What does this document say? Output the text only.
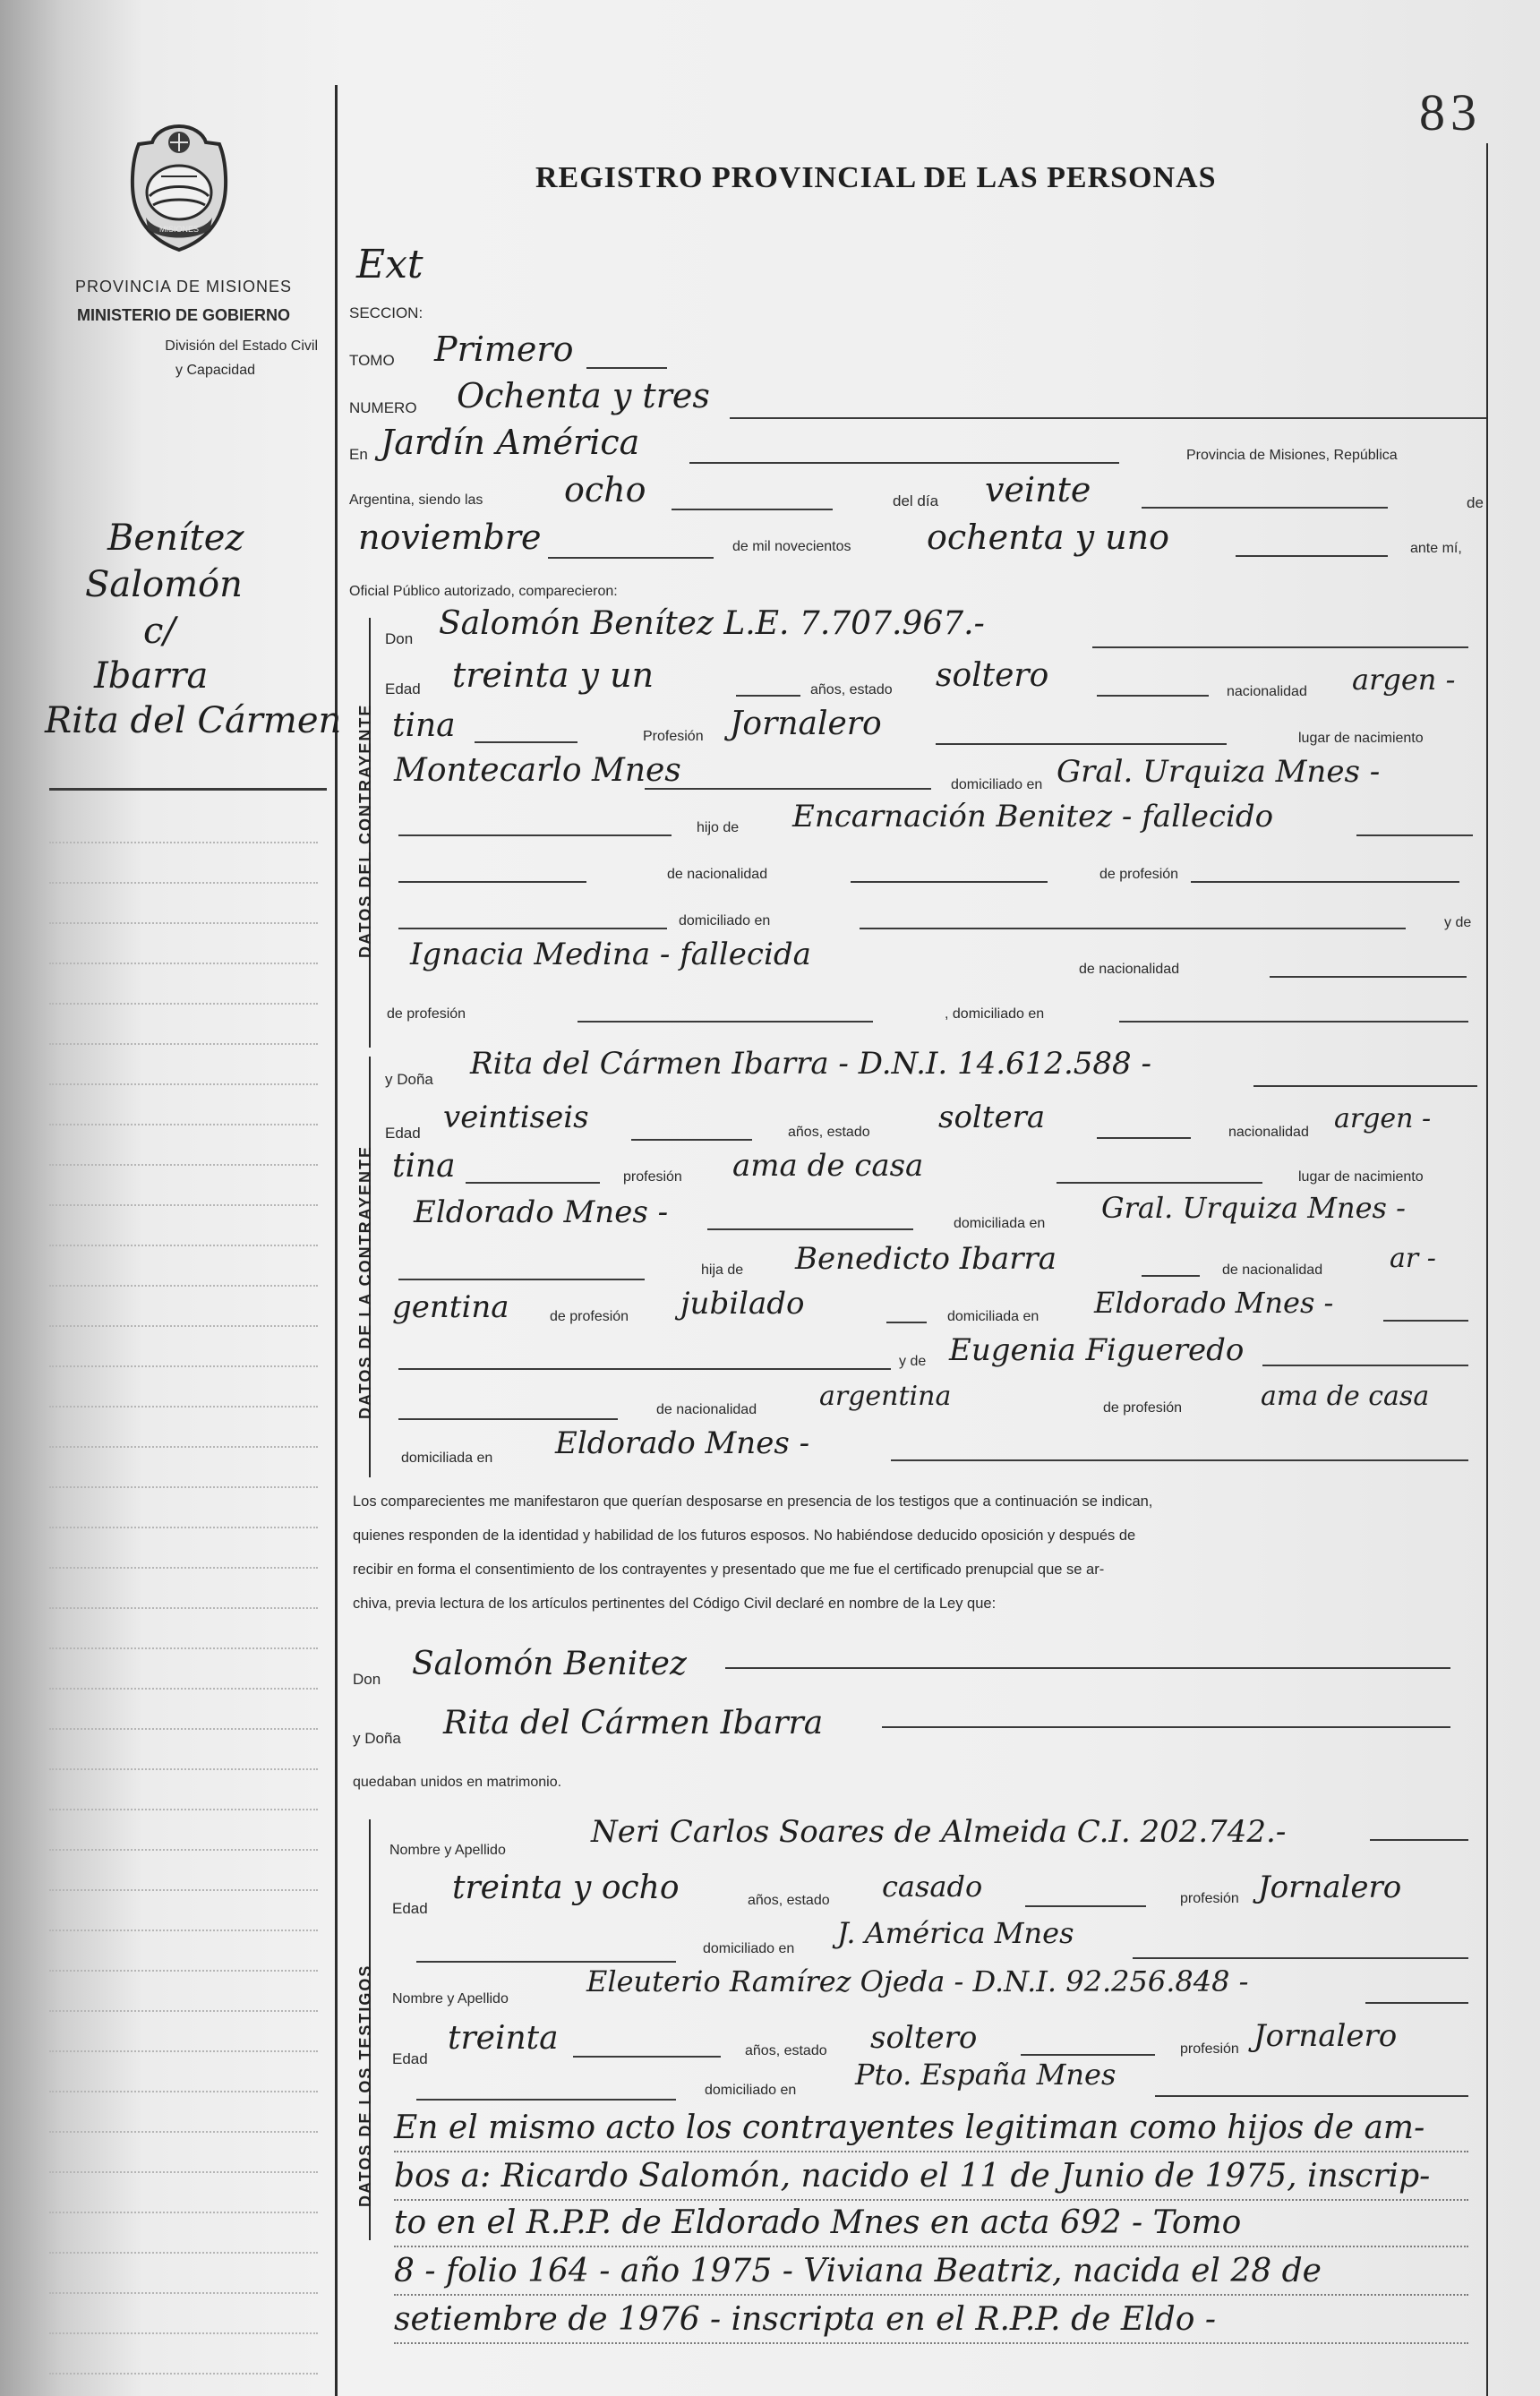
MISIONES
PROVINCIA DE MISIONES
MINISTERIO DE GOBIERNO
División del Estado Civil
y Capacidad
83
REGISTRO PROVINCIAL DE LAS PERSONAS
Benítez
Salomón
c/
Ibarra
Rita del Cármen
Ext
SECCION:
TOMO Primero
NUMERO Ochenta y tres
En Jardín América	Provincia de Misiones, República
Argentina, siendo las ocho	del día veinte	de
noviembre	de mil novecientos ochenta y uno	ante mí,
Oficial Público autorizado, comparecieron:
DATOS DEL CONTRAYENTE
Don Salomón Benítez L.E. 7.707.967.-
Edad treinta y un	años, estado soltero	nacionalidad argen -
tina	Profesión Jornalero	lugar de nacimiento
Montecarlo Mnes	domiciliado en Gral. Urquiza Mnes -
hijo de Encarnación Benitez - fallecido
de nacionalidad	de profesión
domiciliado en	y de
Ignacia Medina - fallecida	de nacionalidad
de profesión	, domiciliado en
DATOS DE LA CONTRAYENTE
y Doña Rita del Cármen Ibarra - D.N.I. 14.612.588 -
Edad veintiseis	años, estado soltera	nacionalidad argen -
tina	profesión ama de casa	lugar de nacimiento
Eldorado Mnes -	domiciliada en Gral. Urquiza Mnes -
hija de Benedicto Ibarra	de nacionalidad ar -
gentina	de profesión jubilado	domiciliada en Eldorado Mnes -
y de Eugenia Figueredo
de nacionalidad argentina	de profesión	ama de casa
domiciliada en Eldorado Mnes -
Los comparecientes me manifestaron que querían desposarse en presencia de los testigos que a continuación se indican,
quienes responden de la identidad y habilidad de los futuros esposos. No habiéndose deducido oposición y después de
recibir en forma el consentimiento de los contrayentes y presentado que me fue el certificado prenupcial que se ar-
chiva, previa lectura de los artículos pertinentes del Código Civil declaré en nombre de la Ley que:
Don Salomón Benitez
y Doña Rita del Cármen Ibarra
quedaban unidos en matrimonio.
DATOS DE LOS TESTIGOS
Nombre y Apellido
Neri Carlos Soares de Almeida C.I. 202.742.-
Edad
treinta y ocho	años, estado casado	profesión Jornalero
domiciliado en J. América Mnes
Nombre y Apellido
Eleuterio Ramírez Ojeda - D.N.I. 92.256.848 -
Edad
treinta	años, estado soltero	profesión Jornalero
domiciliado en Pto. España Mnes
En el mismo acto los contrayentes legitiman como hijos de am-
bos a: Ricardo Salomón, nacido el 11 de Junio de 1975, inscrip-
to en el R.P.P. de Eldorado Mnes en acta 692 - Tomo
8 - folio 164 - año 1975 - Viviana Beatriz, nacida el 28 de
setiembre de 1976 - inscripta en el R.P.P. de Eldo -
